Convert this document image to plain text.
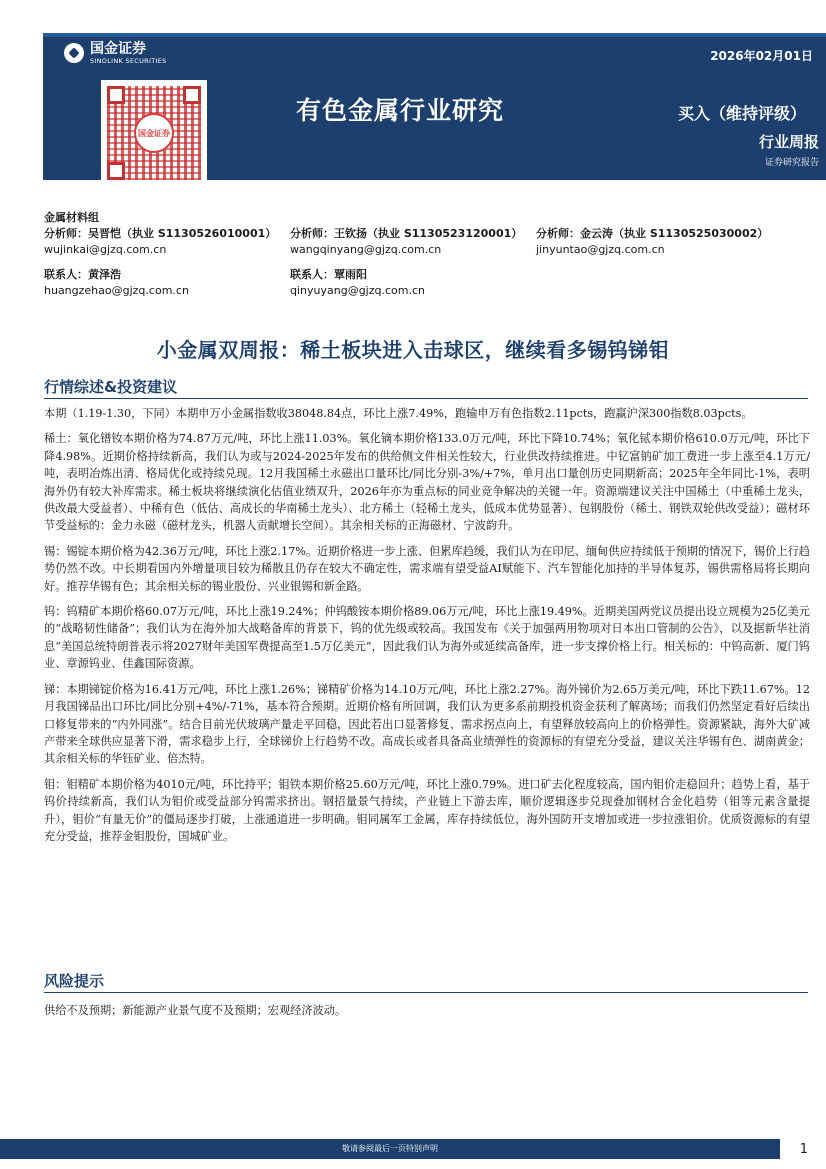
国金证券
SINOLINK SECURITIES
国金证券
2026年02月01日
有色金属行业研究	买入（维持评级）
行业周报
证券研究报告
金属材料组
分析师：吴晋恺（执业 S1130526010001）	分析师：王钦扬（执业 S1130523120001）	分析师：金云涛（执业 S1130525030002）
wujinkai@gjzq.com.cn	wangqinyang@gjzq.com.cn	jinyuntao@gjzq.com.cn
联系人：黄泽浩	联系人：覃雨阳
huangzehao@gjzq.com.cn	qinyuyang@gjzq.com.cn
小金属双周报：稀土板块进入击球区，继续看多锡钨锑钼
行情综述&投资建议

本期（1.19-1.30，下同）本期申万小金属指数收38048.84点，环比上涨7.49%，跑输申万有色指数2.11pcts，跑赢沪深300指数8.03pcts。

稀土：氧化镨钕本期价格为74.87万元/吨，环比上涨11.03%。氧化镝本期价格133.0万元/吨，环比下降10.74%；氧化铽本期价格610.0万元/吨，环比下降4.98%。近期价格持续新高，我们认为或与2024-2025年发布的供给侧文件相关性较大，行业供改持续推进。中钇富钠矿加工费进一步上涨至4.1万元/吨，表明冶炼出清、格局优化或持续兑现。12月我国稀土永磁出口量环比/同比分别-3%/+7%，单月出口量创历史同期新高；2025年全年同比-1%，表明海外仍有较大补库需求。稀土板块将继续演化估值业绩双升，2026年亦为重点标的同业竞争解决的关键一年。资源端建议关注中国稀土（中重稀土龙头，供改最大受益者）、中稀有色（低估、高成长的华南稀土龙头）、北方稀土（轻稀土龙头，低成本优势显著）、包钢股份（稀土、钢铁双轮供改受益）；磁材环节受益标的：金力永磁（磁材龙头，机器人贡献增长空间）。其余相关标的正海磁材、宁波韵升。

锡：锡锭本期价格为42.36万元/吨，环比上涨2.17%。近期价格进一步上涨、但累库趋缓，我们认为在印尼、缅甸供应持续低于预期的情况下，锡价上行趋势仍然不改。中长期看国内外增量项目较为稀散且仍存在较大不确定性，需求端有望受益AI赋能下、汽车智能化加持的半导体复苏，锡供需格局将长期向好。推荐华锡有色；其余相关标的锡业股份、兴业银锡和新金路。

钨：钨精矿本期价格60.07万元/吨，环比上涨19.24%；仲钨酸铵本期价格89.06万元/吨，环比上涨19.49%。近期美国两党议员提出设立规模为25亿美元的“战略韧性储备”；我们认为在海外加大战略备库的背景下，钨的优先级或较高。我国发布《关于加强两用物项对日本出口管制的公告》，以及据新华社消息“美国总统特朗普表示将2027财年美国军费提高至1.5万亿美元”，因此我们认为海外或延续高备库，进一步支撑价格上行。相关标的：中钨高新、厦门钨业、章源钨业、佳鑫国际资源。

锑：本期锑锭价格为16.41万元/吨，环比上涨1.26%；锑精矿价格为14.10万元/吨，环比上涨2.27%。海外锑价为2.65万美元/吨，环比下跌11.67%。12月我国锑品出口环比/同比分别+4%/-71%，基本符合预期。近期价格有所回调，我们认为更多系前期投机资金获利了解离场；而我们仍然坚定看好后续出口修复带来的“内外同涨”。结合目前光伏玻璃产量走平回稳，因此若出口显著修复、需求拐点向上，有望释放较高向上的价格弹性。资源紧缺，海外大矿减产带来全球供应显著下滑，需求稳步上行，全球锑价上行趋势不改。高成长或者具备高业绩弹性的资源标的有望充分受益，建议关注华锡有色、湖南黄金；其余相关标的华钰矿业、倍杰特。

钼：钼精矿本期价格为4010元/吨，环比持平；钼铁本期价格25.60万元/吨，环比上涨0.79%。进口矿去化程度较高，国内钼价走稳回升；趋势上看，基于钨价持续新高，我们认为钼价或受益部分钨需求挤出。钢招量景气持续，产业链上下游去库，顺价逻辑逐步兑现叠加钢材合金化趋势（钼等元素含量提升），钼价“有量无价”的僵局逐步打破，上涨通道进一步明确。钼同属军工金属，库存持续低位，海外国防开支增加或进一步拉涨钼价。优质资源标的有望充分受益，推荐金钼股份，国城矿业。

风险提示

供给不及预期；新能源产业景气度不及预期；宏观经济波动。

敬请参阅最后一页特别声明	1
